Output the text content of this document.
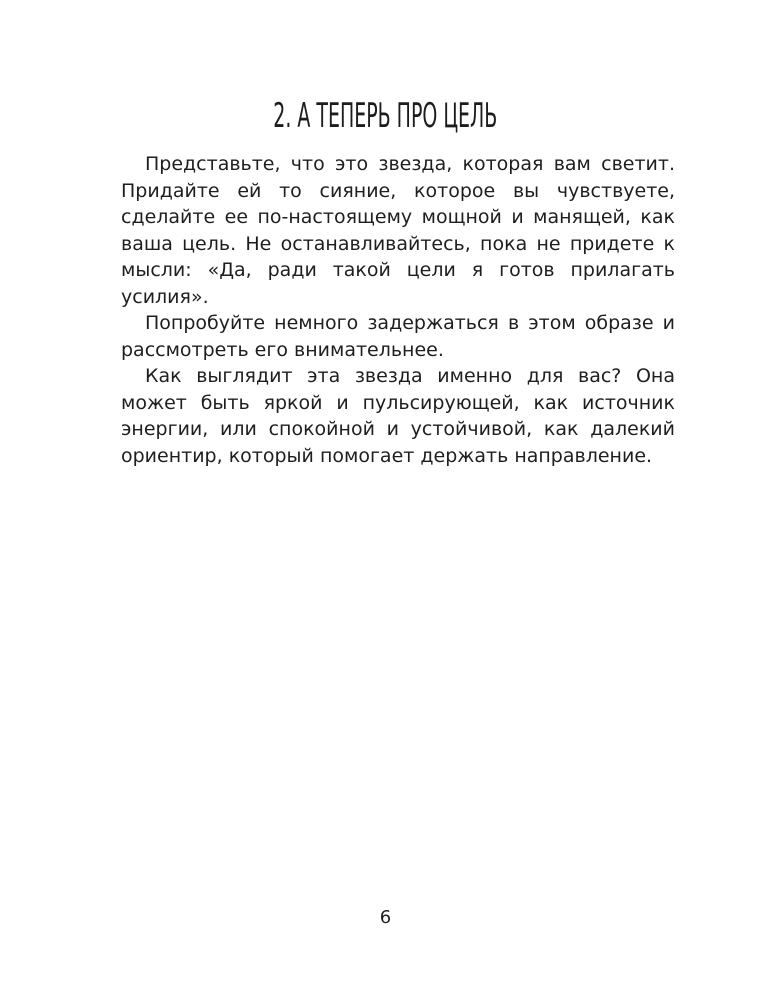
2. А ТЕПЕРЬ ПРО ЦЕЛЬ

Представьте, что это звезда, которая вам светит. Придайте ей то сияние, которое вы чувствуете, сделайте ее по-настоящему мощной и манящей, как ваша цель. Не останавливайтесь, пока не придете к мысли: «Да, ради такой цели я готов прилагать усилия».

Попробуйте немного задержаться в этом образе и рассмотреть его внимательнее.

Как выглядит эта звезда именно для вас? Она может быть яркой и пульсирующей, как источник энергии, или спокойной и устойчивой, как далекий ориентир, который помогает держать направление.

6
